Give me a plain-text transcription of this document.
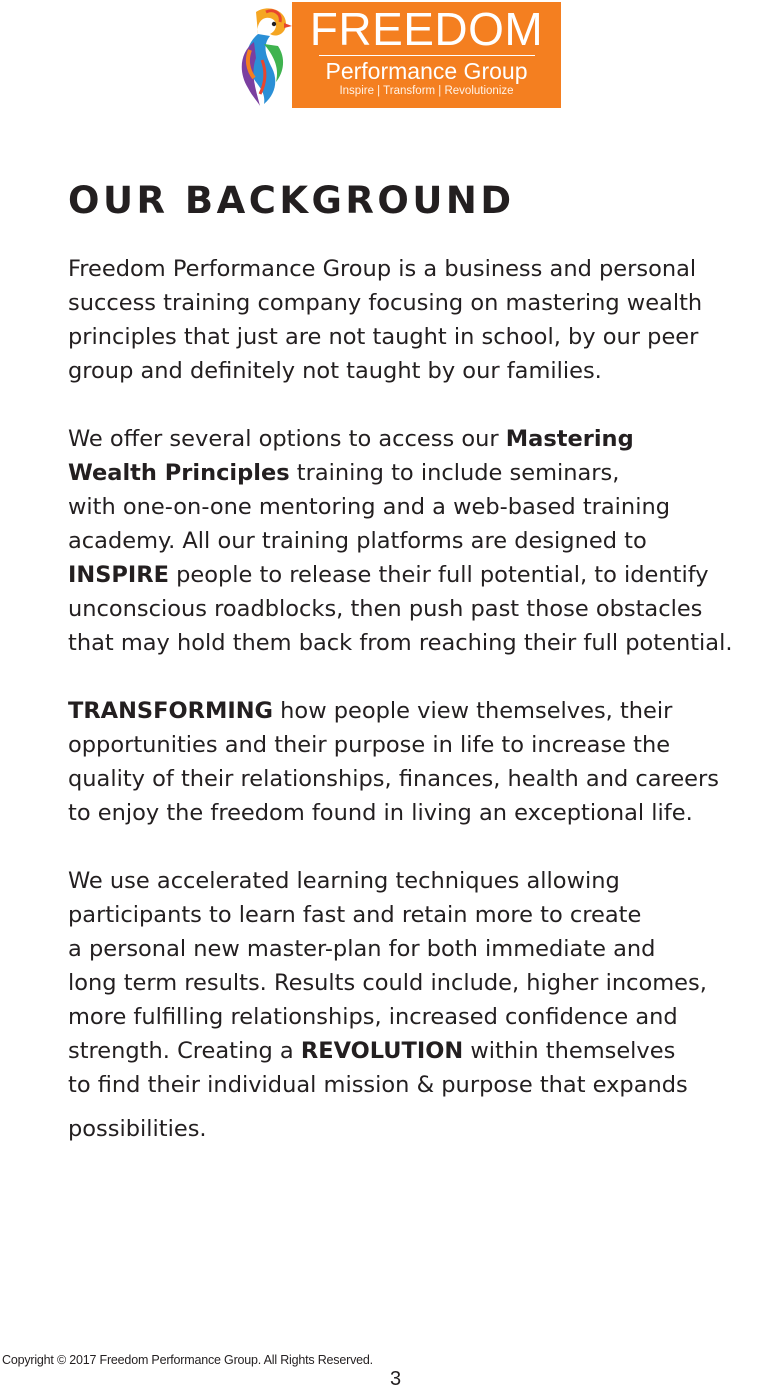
FREEDOM
Performance Group
Inspire | Transform | Revolutionize
OUR BACKGROUND

Freedom Performance Group is a business and personal
success training company focusing on mastering wealth
principles that just are not taught in school, by our peer
group and definitely not taught by our families.

We offer several options to access our Mastering
Wealth Principles training to include seminars,
with one-on-one mentoring and a web-based training
academy. All our training platforms are designed to
INSPIRE people to release their full potential, to identify
unconscious roadblocks, then push past those obstacles
that may hold them back from reaching their full potential.

TRANSFORMING how people view themselves, their
opportunities and their purpose in life to increase the
quality of their relationships, finances, health and careers
to enjoy the freedom found in living an exceptional life.

We use accelerated learning techniques allowing
participants to learn fast and retain more to create
a personal new master-plan for both immediate and
long term results. Results could include, higher incomes,
more fulfilling relationships, increased confidence and
strength. Creating a REVOLUTION within themselves
to find their individual mission & purpose that expands
possibilities.

Copyright © 2017 Freedom Performance Group. All Rights Reserved.
3
